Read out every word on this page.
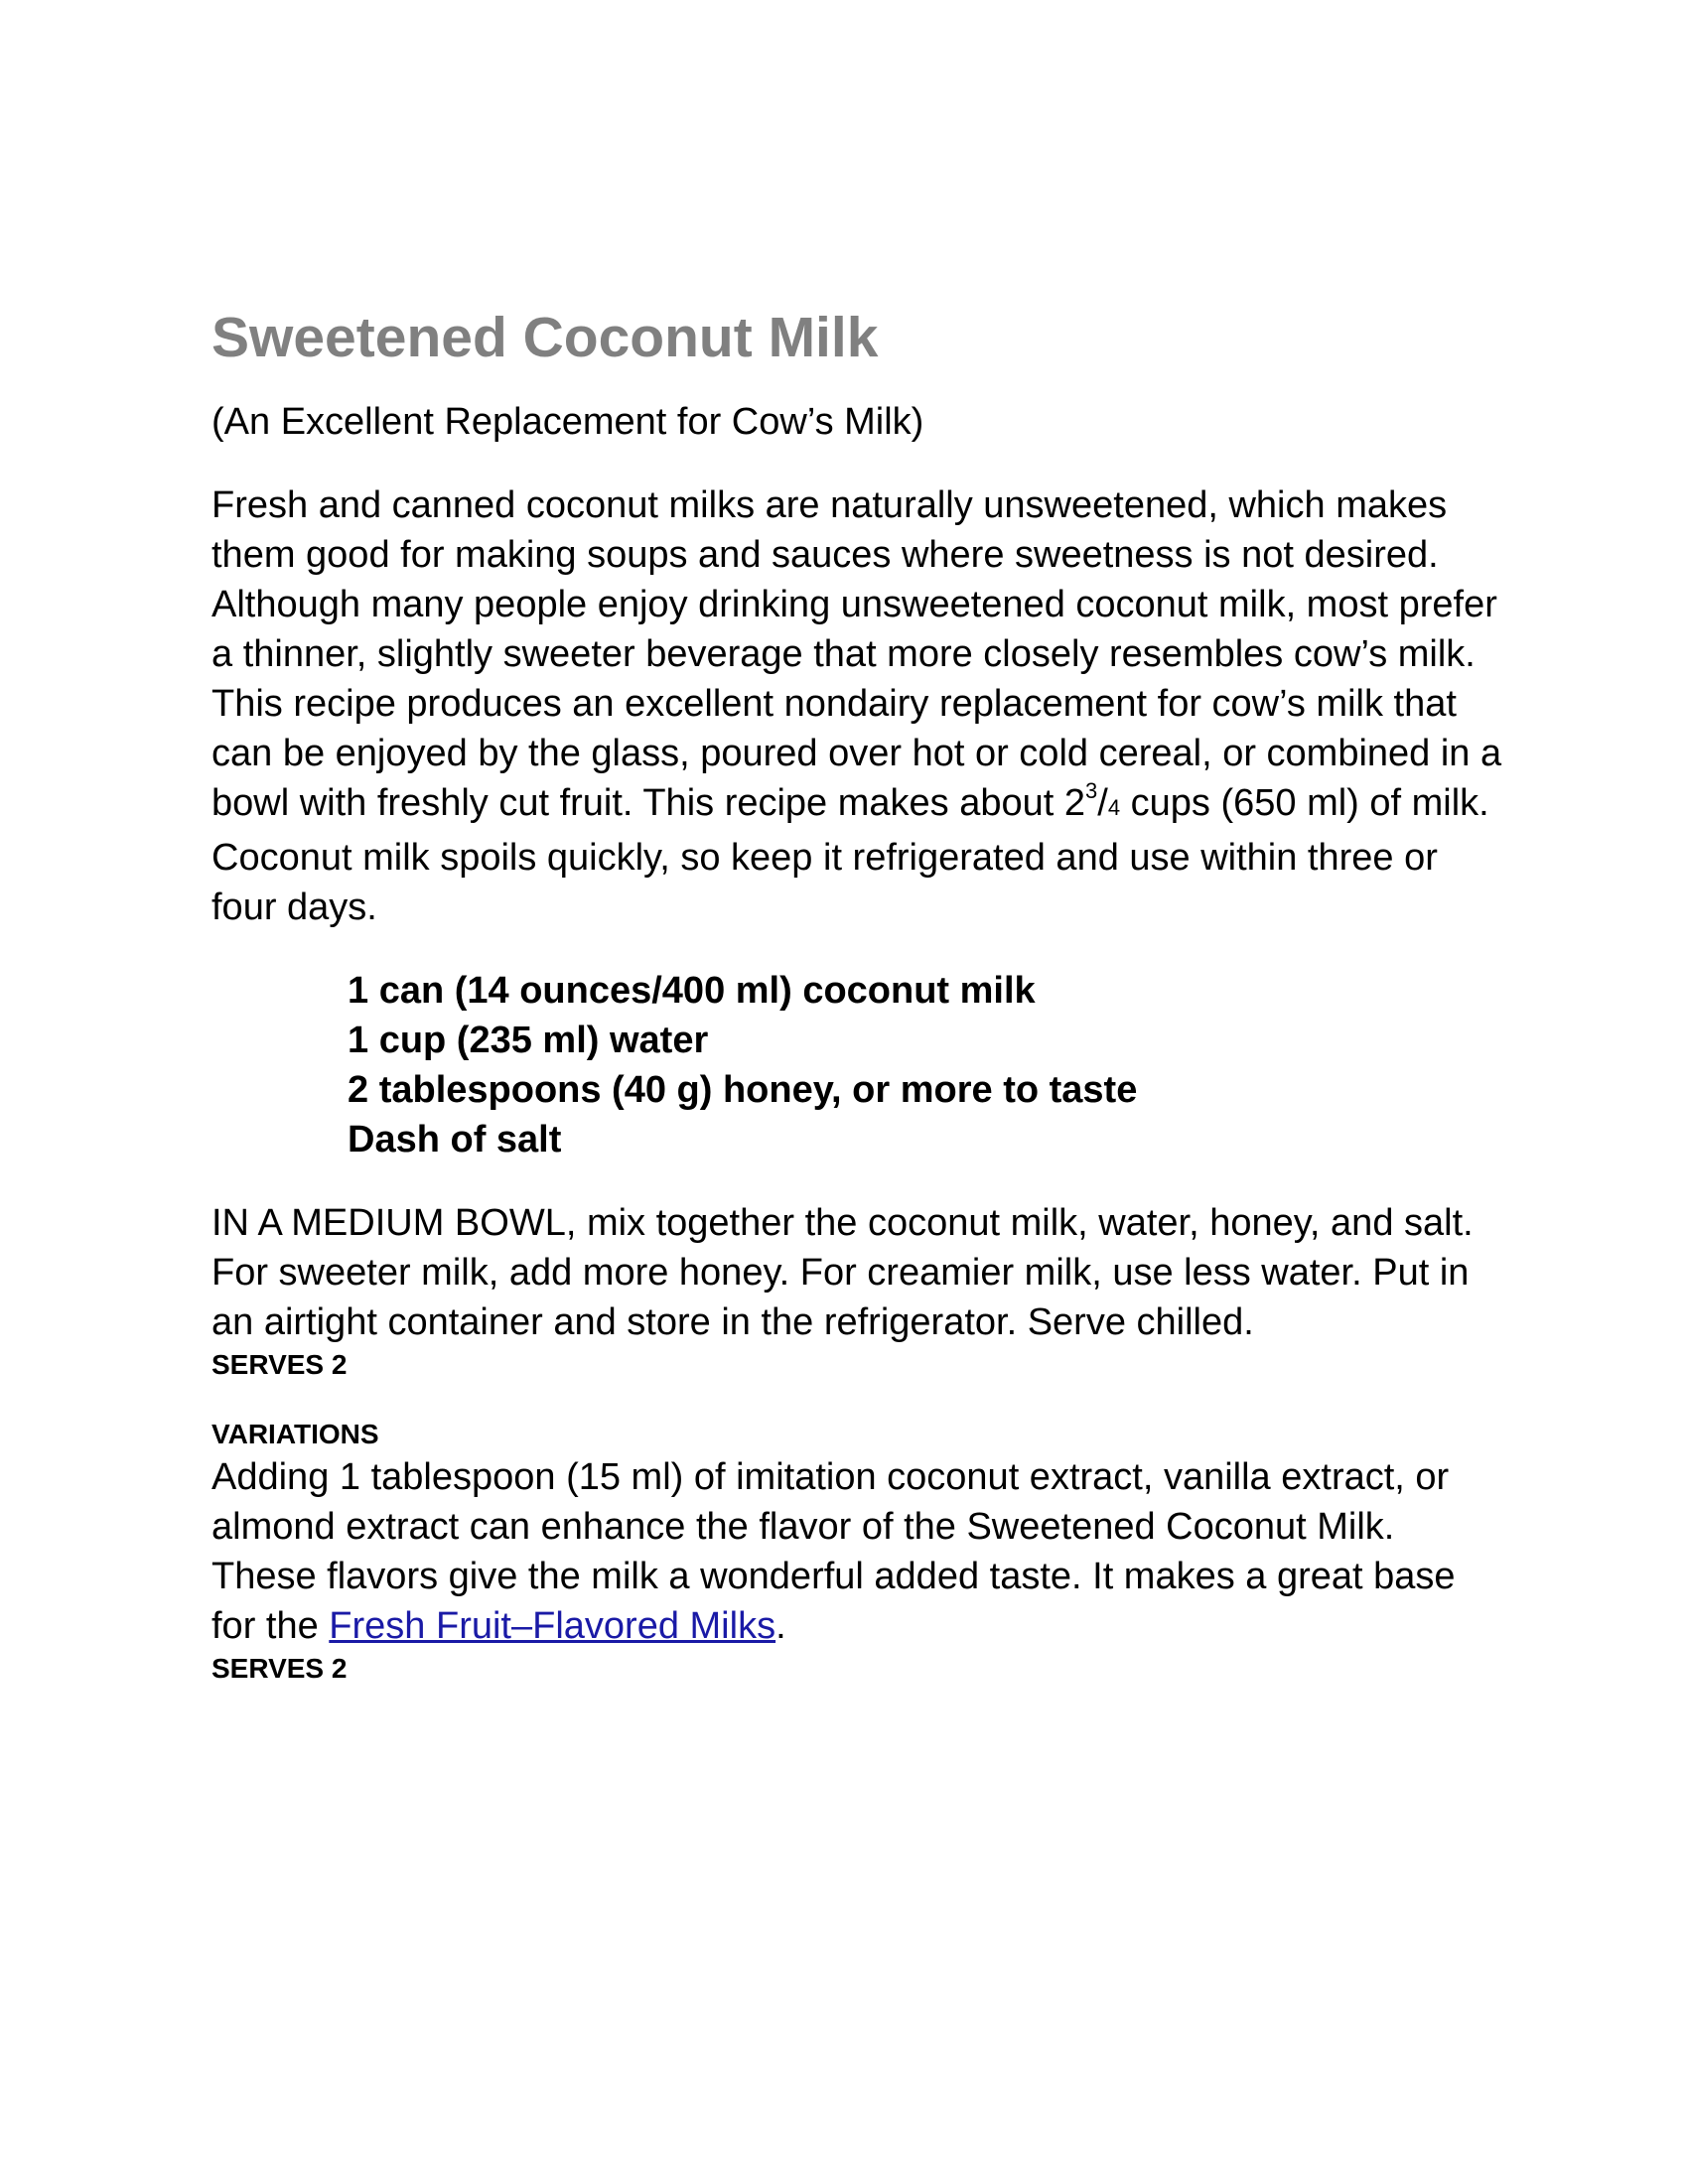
Sweetened Coconut Milk

(An Excellent Replacement for Cow’s Milk)

Fresh and canned coconut milks are naturally unsweetened, which makes them good for making soups and sauces where sweetness is not desired. Although many people enjoy drinking unsweetened coconut milk, most prefer a thinner, slightly sweeter beverage that more closely resembles cow’s milk. This recipe produces an excellent nondairy replacement for cow’s milk that can be enjoyed by the glass, poured over hot or cold cereal, or combined in a bowl with freshly cut fruit. This recipe makes about $2^3/4$ cups (650 ml) of milk. Coconut milk spoils quickly, so keep it refrigerated and use within three or four days.

1 can (14 ounces/400 ml) coconut milk
1 cup (235 ml) water
2 tablespoons (40 g) honey, or more to taste
Dash of salt

IN A MEDIUM BOWL, mix together the coconut milk, water, honey, and salt. For sweeter milk, add more honey. For creamier milk, use less water. Put in an airtight container and store in the refrigerator. Serve chilled.

SERVES 2

VARIATIONS

Adding 1 tablespoon (15 ml) of imitation coconut extract, vanilla extract, or almond extract can enhance the flavor of the Sweetened Coconut Milk. These flavors give the milk a wonderful added taste. It makes a great base for the Fresh Fruit–Flavored Milks.

SERVES 2
